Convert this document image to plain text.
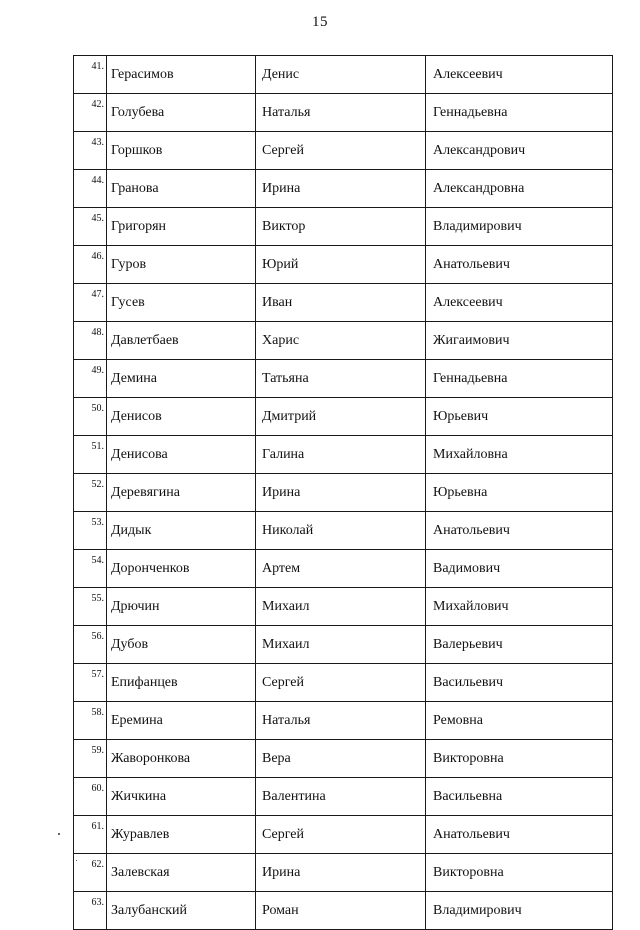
15
41.	Герасимов	Денис	Алексеевич
42.	Голубева	Наталья	Геннадьевна
43.	Горшков	Сергей	Александрович
44.	Гранова	Ирина	Александровна
45.	Григорян	Виктор	Владимирович
46.	Гуров	Юрий	Анатольевич
47.	Гусев	Иван	Алексеевич
48.	Давлетбаев	Харис	Жигаимович
49.	Демина	Татьяна	Геннадьевна
50.	Денисов	Дмитрий	Юрьевич
51.	Денисова	Галина	Михайловна
52.	Деревягина	Ирина	Юрьевна
53.	Дидык	Николай	Анатольевич
54.	Доронченков	Артем	Вадимович
55.	Дрючин	Михаил	Михайлович
56.	Дубов	Михаил	Валерьевич
57.	Епифанцев	Сергей	Васильевич
58.	Еремина	Наталья	Ремовна
59.	Жаворонкова	Вера	Викторовна
60.	Жичкина	Валентина	Васильевна
61.	Журавлев	Сергей	Анатольевич
62.	Залевская	Ирина	Викторовна
63.	Залубанский	Роман	Владимирович
